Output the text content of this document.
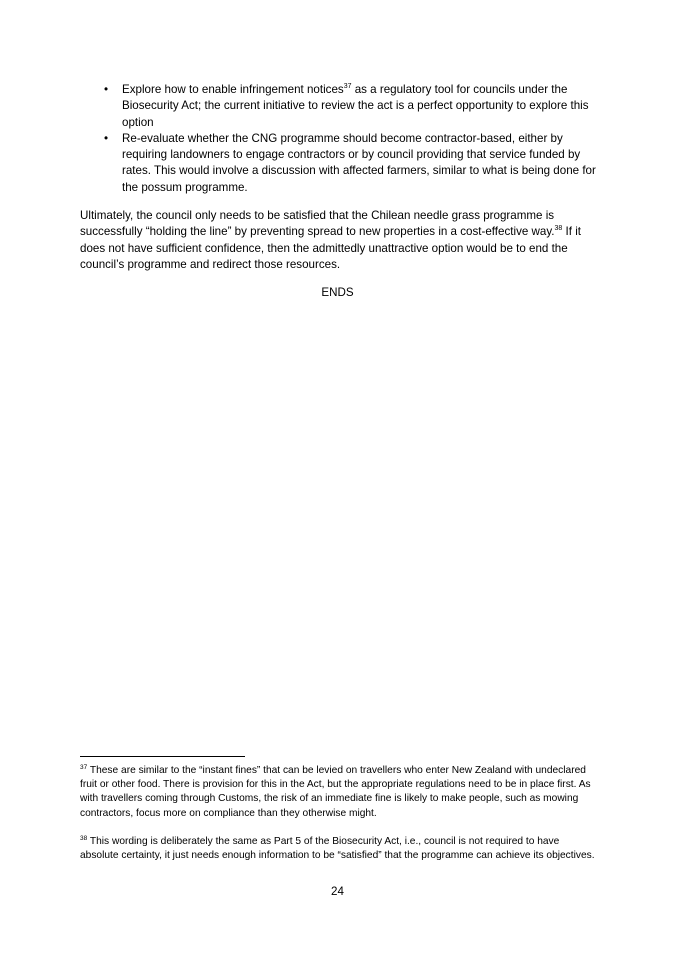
• Explore how to enable infringement notices$^{37}$ as a regulatory tool for councils under the Biosecurity Act; the current initiative to review the act is a perfect opportunity to explore this option
• Re-evaluate whether the CNG programme should become contractor-based, either by requiring landowners to engage contractors or by council providing that service funded by rates. This would involve a discussion with affected farmers, similar to what is being done for the possum programme.

Ultimately, the council only needs to be satisfied that the Chilean needle grass programme is successfully “holding the line” by preventing spread to new properties in a cost-effective way.$^{38}$ If it does not have sufficient confidence, then the admittedly unattractive option would be to end the council’s programme and redirect those resources.

ENDS

$^{37}$ These are similar to the “instant fines” that can be levied on travellers who enter New Zealand with undeclared fruit or other food. There is provision for this in the Act, but the appropriate regulations need to be in place first. As with travellers coming through Customs, the risk of an immediate fine is likely to make people, such as mowing contractors, focus more on compliance than they otherwise might.

$^{38}$ This wording is deliberately the same as Part 5 of the Biosecurity Act, i.e., council is not required to have absolute certainty, it just needs enough information to be “satisfied” that the programme can achieve its objectives.

24
